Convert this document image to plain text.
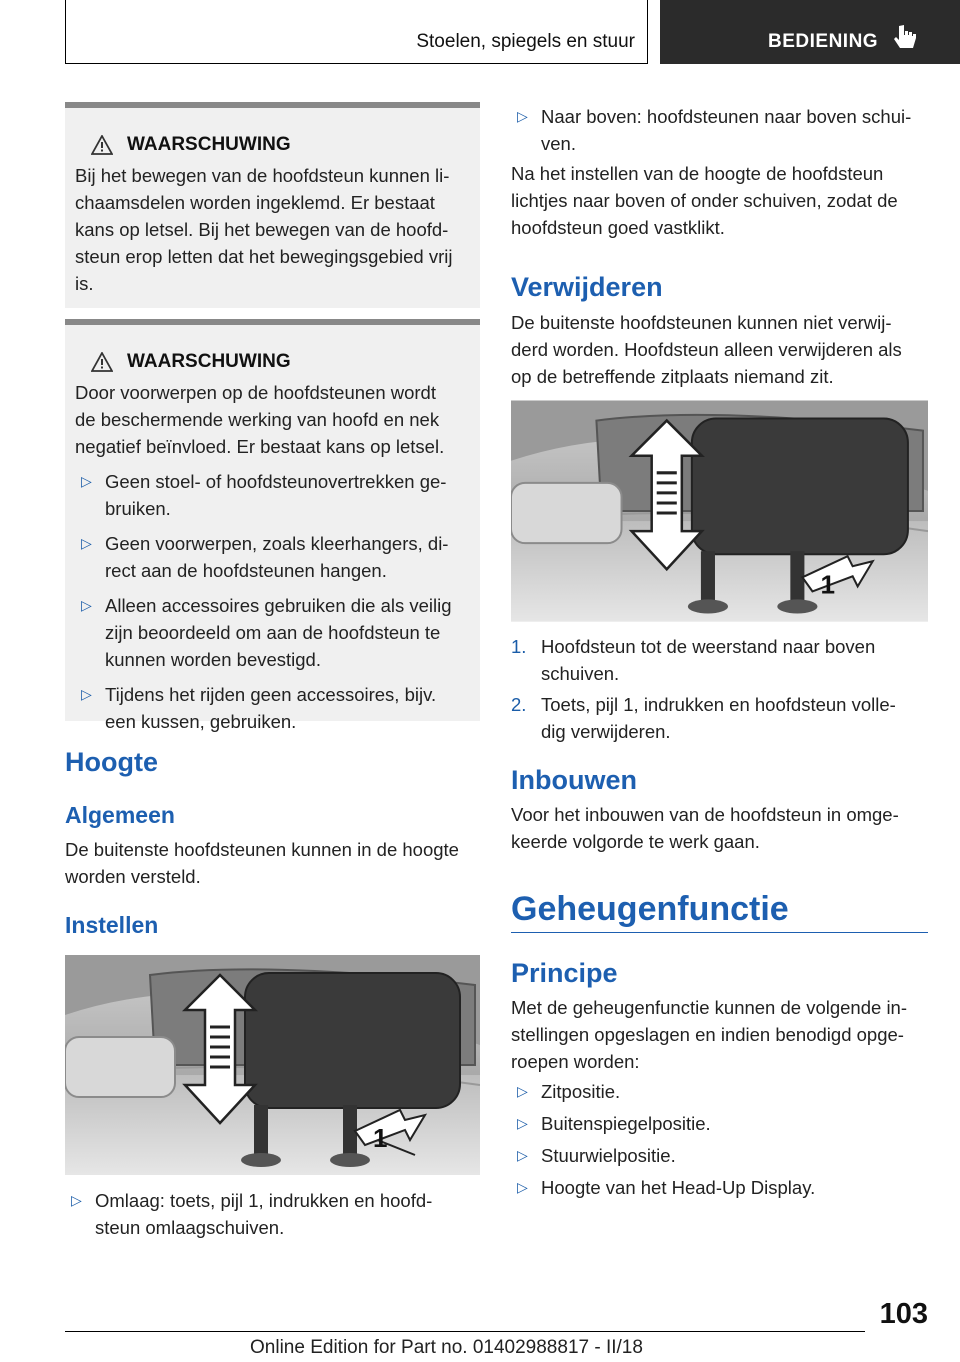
Stoelen, spiegels en stuur	BEDIENING
WAARSCHUWING

Bij het bewegen van de hoofdsteun kunnen li-

chaamsdelen worden ingeklemd. Er bestaat

kans op letsel. Bij het bewegen van de hoofd-

steun erop letten dat het bewegingsgebied vrij

is.

WAARSCHUWING

Door voorwerpen op de hoofdsteunen wordt

de beschermende werking van hoofd en nek

negatief beïnvloed. Er bestaat kans op letsel.

▷ Geen stoel- of hoofdsteunovertrekken ge-
bruiken.
▷ Geen voorwerpen, zoals kleerhangers, di-
rect aan de hoofdsteunen hangen.
▷ Alleen accessoires gebruiken die als veilig
zijn beoordeeld om aan de hoofdsteun te
kunnen worden bevestigd.
▷ Tijdens het rijden geen accessoires, bijv.
een kussen, gebruiken.
Hoogte
Algemeen

De buitenste hoofdsteunen kunnen in de hoogte

worden versteld.

Instellen
1
▷ Omlaag: toets, pijl 1, indrukken en hoofd-
steun omlaagschuiven.
▷ Naar boven: hoofdsteunen naar boven schui-
ven.

Na het instellen van de hoogte de hoofdsteun

lichtjes naar boven of onder schuiven, zodat de

hoofdsteun goed vastklikt.

Verwijderen

De buitenste hoofdsteunen kunnen niet verwij-

derd worden. Hoofdsteun alleen verwijderen als

op de betreffende zitplaats niemand zit.

1
1. Hoofdsteun tot de weerstand naar boven
schuiven.
2. Toets, pijl 1, indrukken en hoofdsteun volle-
dig verwijderen.
Inbouwen

Voor het inbouwen van de hoofdsteun in omge-

keerde volgorde te werk gaan.

Geheugenfunctie
Principe

Met de geheugenfunctie kunnen de volgende in-

stellingen opgeslagen en indien benodigd opge-

roepen worden:

▷ Zitpositie.
▷ Buitenspiegelpositie.
▷ Stuurwielpositie.
▷ Hoogte van het Head-Up Display.
103
Online Edition for Part no. 01402988817 - II/18
